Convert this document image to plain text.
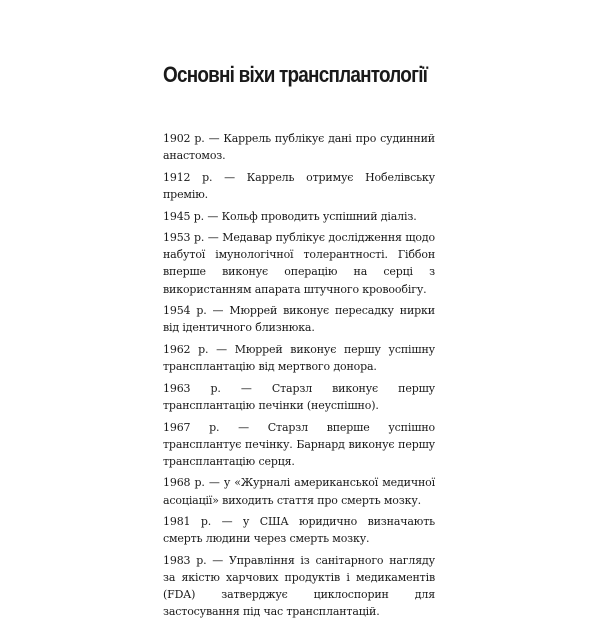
Основні віхи трансплантології
1902 р. — Каррель публікує дані про судинний анастомоз.
1912 р. — Каррель отримує Нобелівську премію.
1945 р. — Кольф проводить успішний діаліз.
1953 р. — Медавар публікує дослідження щодо набутої імунологічної толерантності. Гіббон вперше виконує операцію на серці з використанням апарата штучного кровообігу.
1954 р. — Мюррей виконує пересадку нирки від ідентичного близнюка.
1962 р. — Мюррей виконує першу успішну трансплантацію від мертвого донора.
1963 р. — Старзл виконує першу трансплантацію печінки (неуспішно).
1967 р. — Старзл вперше успішно трансплантує печінку. Барнард виконує першу трансплантацію серця.
1968 р. — у «Журналі американської медичної асоціації» виходить стаття про смерть мозку.
1981 р. — у США юридично визначають смерть людини через смерть мозку.
1983 р. — Управління із санітарного нагляду за якістю харчових продуктів і медикаментів (FDA) затверджує циклоспорин для застосування під час трансплантацій.
